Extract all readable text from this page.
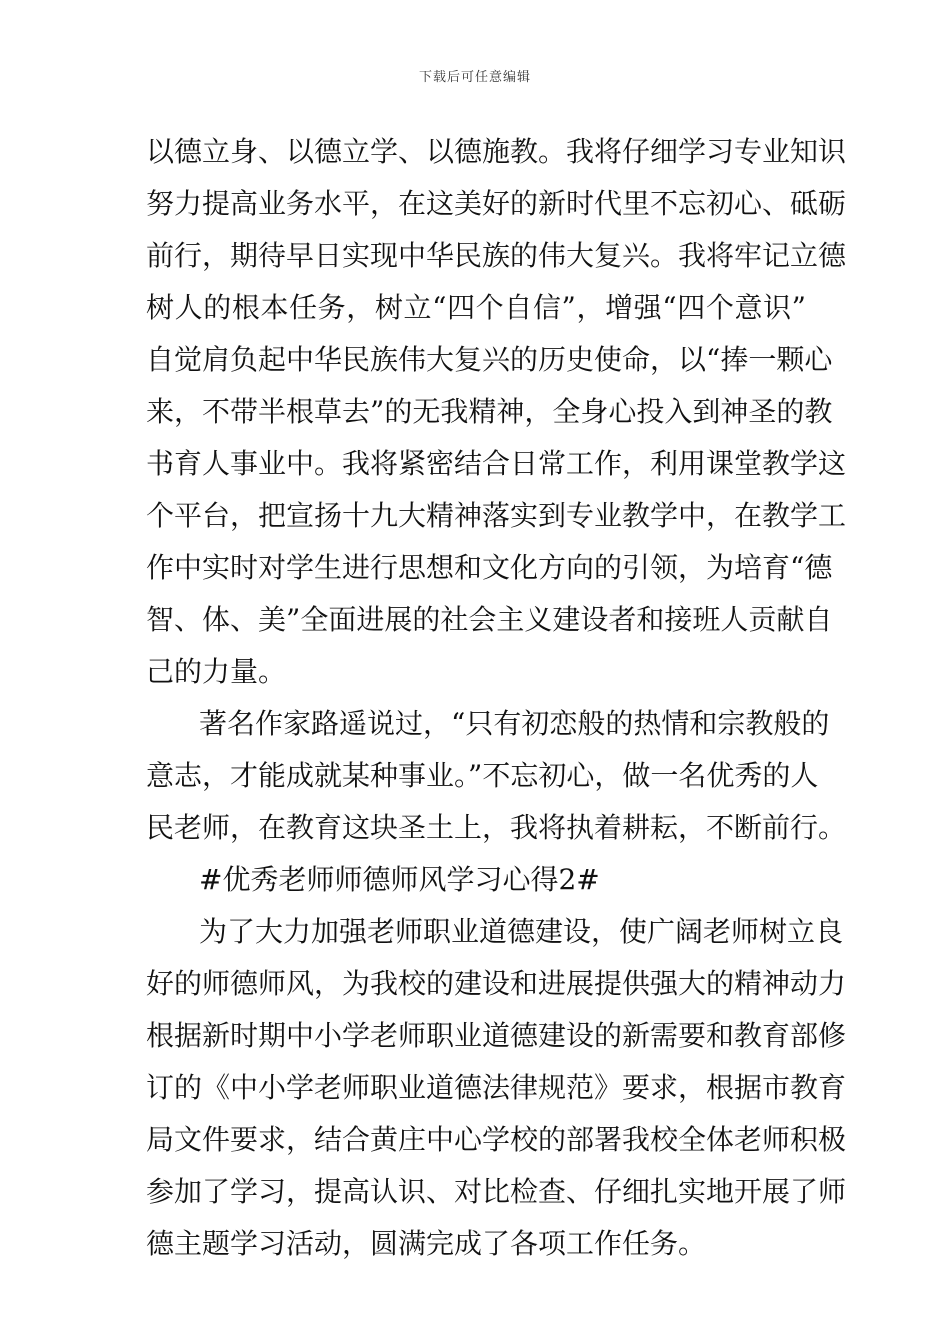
下载后可任意编辑
以德立身、以德立学、以德施教。我将仔细学习专业知识
努力提高业务水平，在这美好的新时代里不忘初心、砥砺
前行，期待早日实现中华民族的伟大复兴。我将牢记立德
树人的根本任务，树立“四个自信”，增强“四个意识”
自觉肩负起中华民族伟大复兴的历史使命，以“捧一颗心
来，不带半根草去”的无我精神，全身心投入到神圣的教
书育人事业中。我将紧密结合日常工作，利用课堂教学这
个平台，把宣扬十九大精神落实到专业教学中，在教学工
作中实时对学生进行思想和文化方向的引领，为培育“德
智、体、美”全面进展的社会主义建设者和接班人贡献自
己的力量。
著名作家路遥说过，“只有初恋般的热情和宗教般的
意志，才能成就某种事业。”不忘初心，做一名优秀的人
民老师，在教育这块圣土上，我将执着耕耘，不断前行。
#优秀老师师德师风学习心得2#
为了大力加强老师职业道德建设，使广阔老师树立良
好的师德师风，为我校的建设和进展提供强大的精神动力
根据新时期中小学老师职业道德建设的新需要和教育部修
订的《中小学老师职业道德法律规范》要求，根据市教育
局文件要求，结合黄庄中心学校的部署我校全体老师积极
参加了学习，提高认识、对比检查、仔细扎实地开展了师
德主题学习活动，圆满完成了各项工作任务。
